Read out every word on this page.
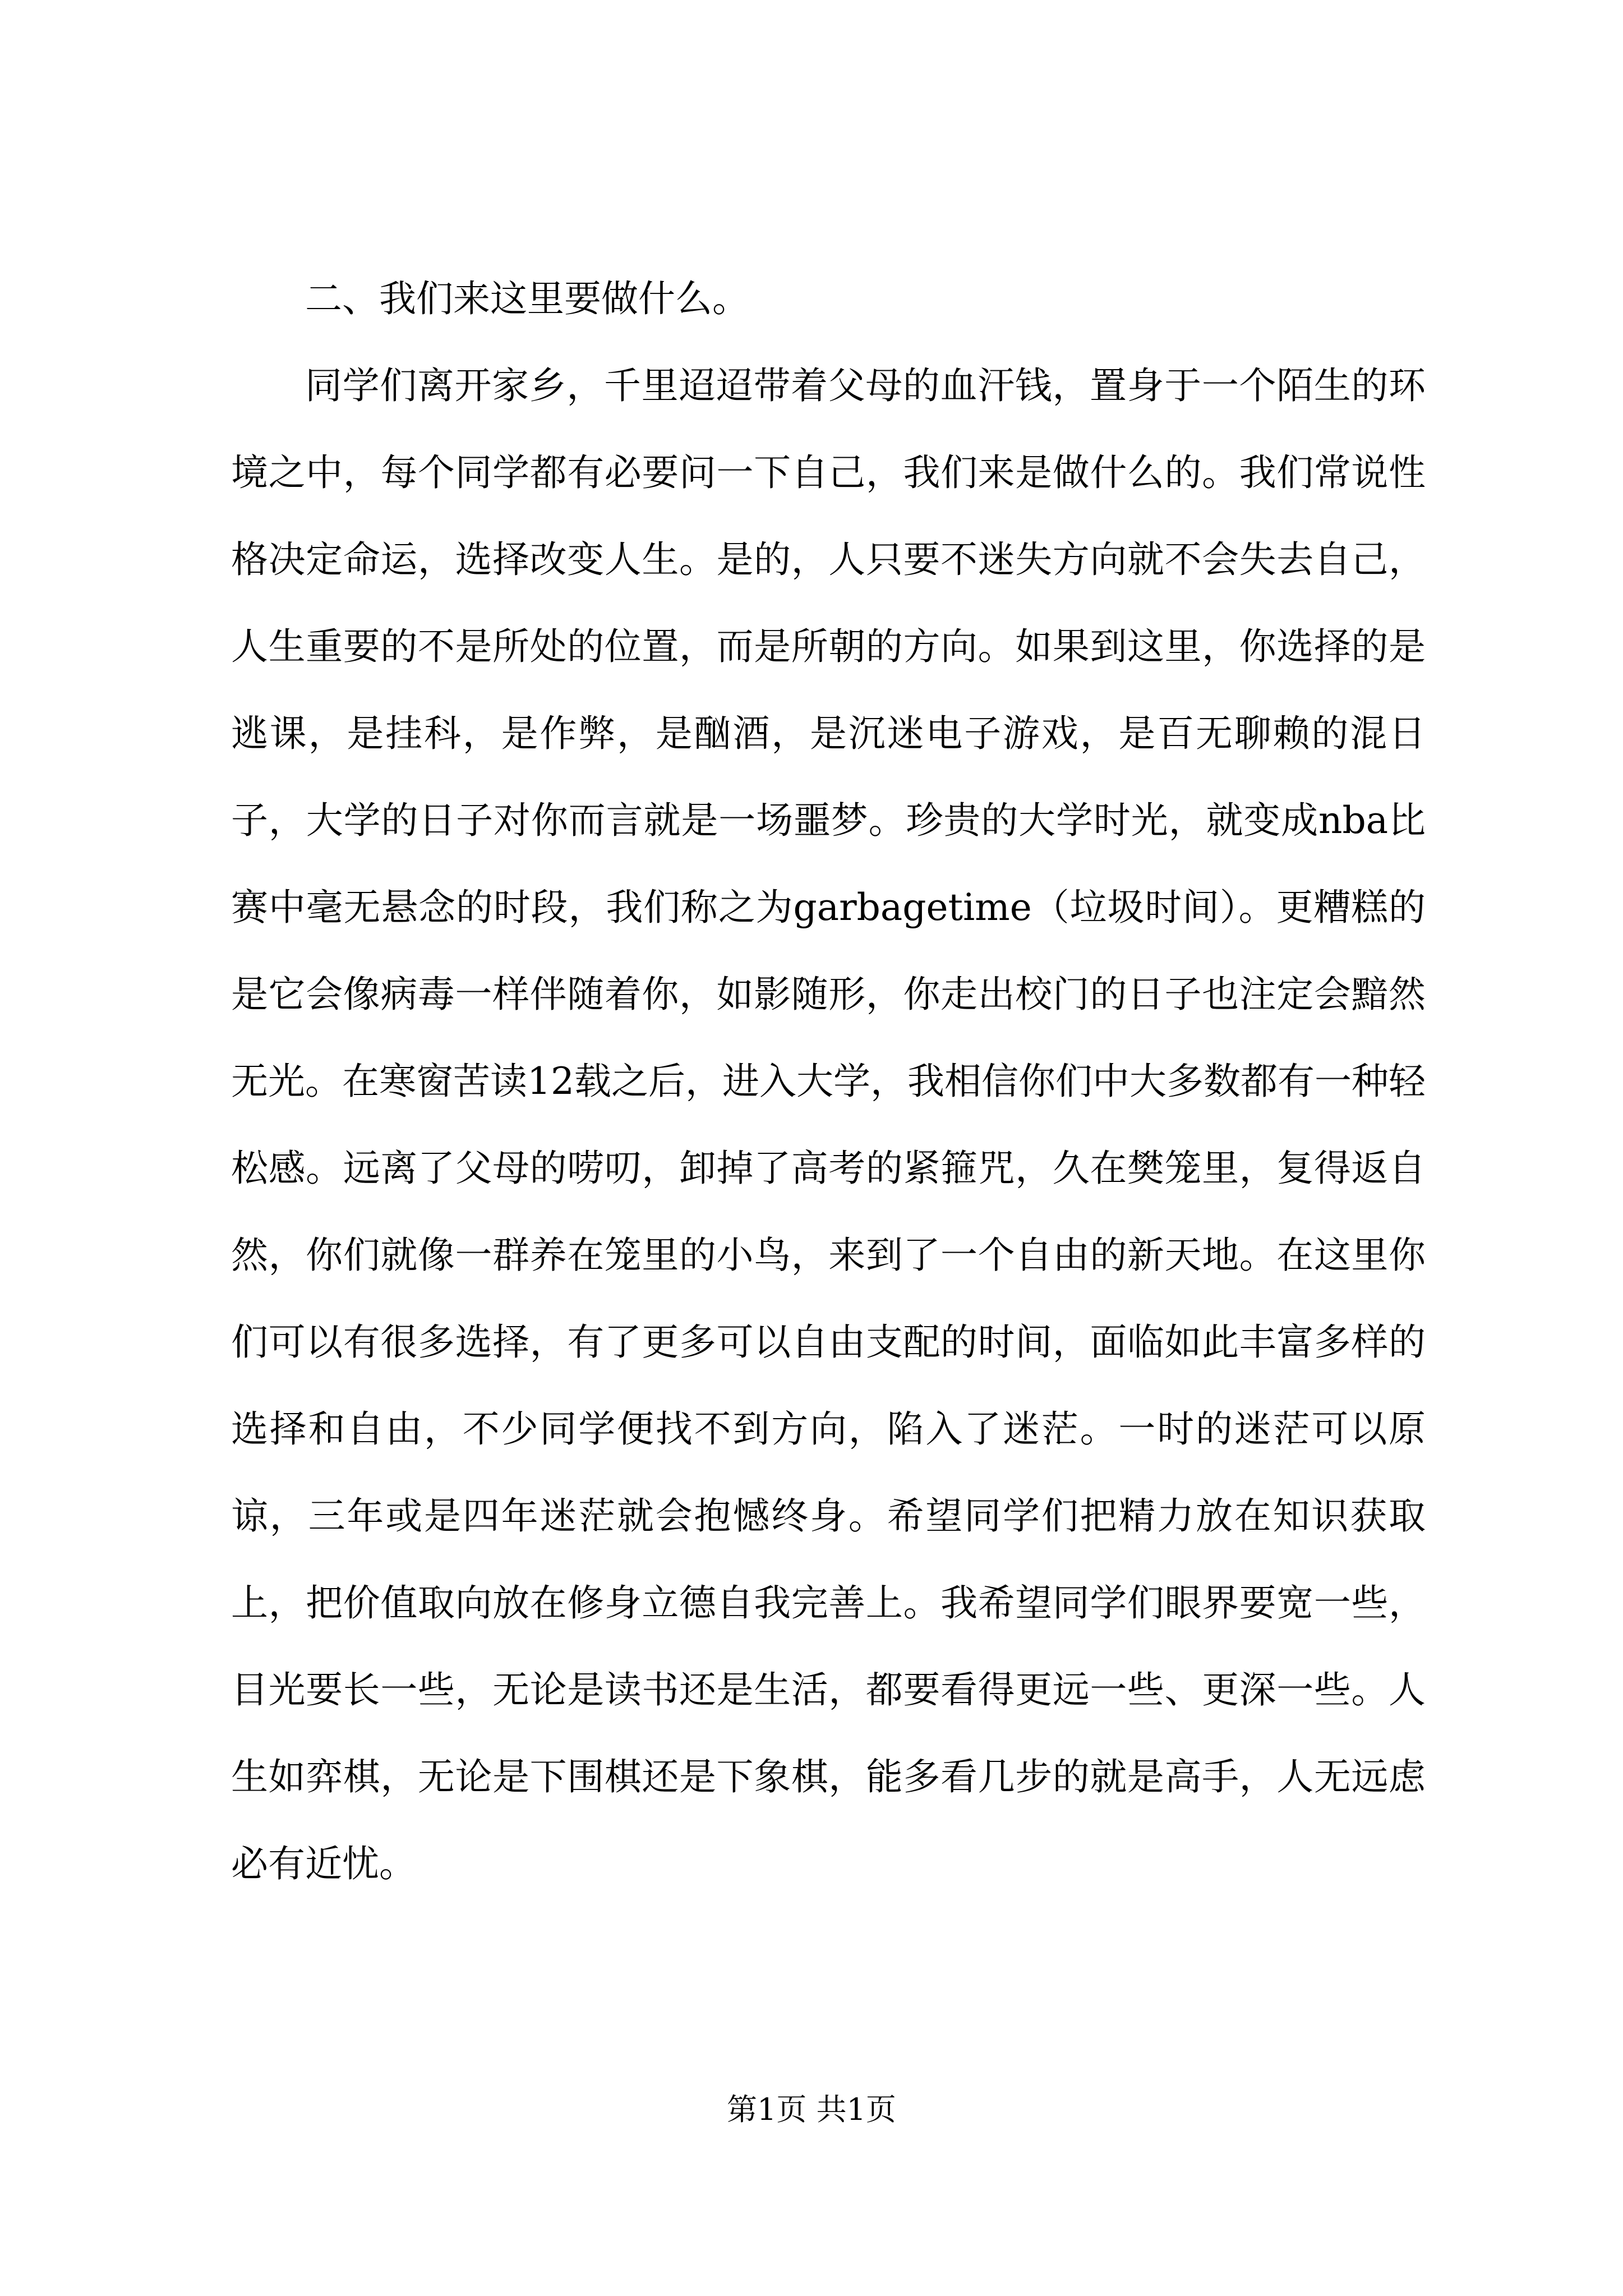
二、我们来这里要做什么。

同学们离开家乡，千里迢迢带着父母的血汗钱，置身于一个陌生的环境之中，每个同学都有必要问一下自己，我们来是做什么的。我们常说性格决定命运，选择改变人生。是的，人只要不迷失方向就不会失去自己，人生重要的不是所处的位置，而是所朝的方向。如果到这里，你选择的是逃课，是挂科，是作弊，是酗酒，是沉迷电子游戏，是百无聊赖的混日子，大学的日子对你而言就是一场噩梦。珍贵的大学时光，就变成nba比赛中毫无悬念的时段，我们称之为garbagetime（垃圾时间）。更糟糕的是它会像病毒一样伴随着你，如影随形，你走出校门的日子也注定会黯然无光。在寒窗苦读12载之后，进入大学，我相信你们中大多数都有一种轻松感。远离了父母的唠叨，卸掉了高考的紧箍咒，久在樊笼里，复得返自然，你们就像一群养在笼里的小鸟，来到了一个自由的新天地。在这里你们可以有很多选择，有了更多可以自由支配的时间，面临如此丰富多样的选择和自由，不少同学便找不到方向，陷入了迷茫。一时的迷茫可以原谅，三年或是四年迷茫就会抱憾终身。希望同学们把精力放在知识获取上，把价值取向放在修身立德自我完善上。我希望同学们眼界要宽一些，目光要长一些，无论是读书还是生活，都要看得更远一些、更深一些。人生如弈棋，无论是下围棋还是下象棋，能多看几步的就是高手，人无远虑必有近忧。

第1页 共1页
